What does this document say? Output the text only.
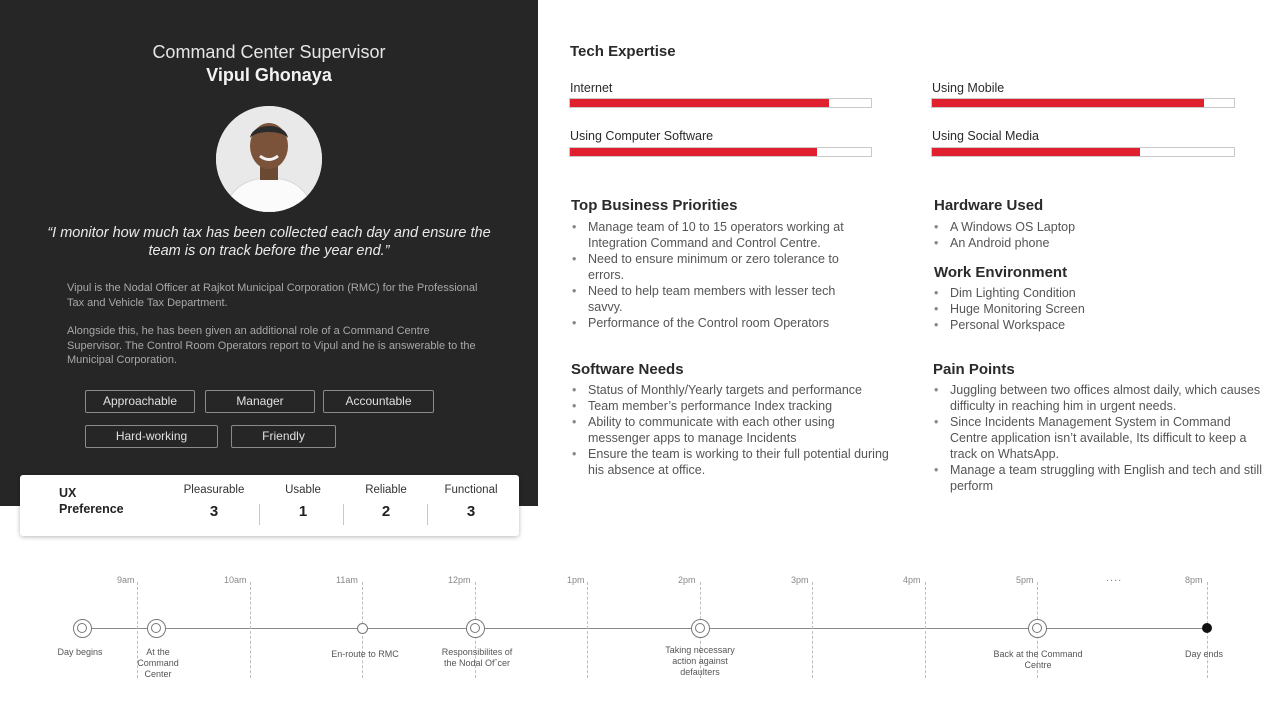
Command Center Supervisor
Vipul Ghonaya
“I monitor how much tax has been collected each day and ensure the team is on track before the year end.”
Vipul is the Nodal Officer at Rajkot Municipal Corporation (RMC) for the Professional Tax and Vehicle Tax Department.
Alongside this, he has been given an additional role of a Command Centre Supervisor. The Control Room Operators report to Vipul and he is answerable to the Municipal Corporation.
Approachable	Manager	Accountable
Hard-working	Friendly
UX Preference
Pleasurable
3
Usable
1
Reliable
2
Functional
3
Tech Expertise
Internet	Using Mobile
Using Computer Software	Using Social Media
Top Business Priorities
• Manage team of 10 to 15 operators working at Integration Command and Control Centre.
• Need to ensure minimum or zero tolerance to errors.
• Need to help team members with lesser tech savvy.
• Performance of the Control room Operators
Hardware Used
• A Windows OS Laptop
• An Android phone
Work Environment
• Dim Lighting Condition
• Huge Monitoring Screen
• Personal Workspace
Software Needs
• Status of Monthly/Yearly targets and performance
• Team member’s performance Index tracking
• Ability to communicate with each other using messenger apps to manage Incidents
• Ensure the team is working to their full potential during his absence at office.
Pain Points
• Juggling between two offices almost daily, which causes difficulty in reaching him in urgent needs.
• Since Incidents Management System in Command Centre application isn’t available, Its difficult to keep a track on WhatsApp.
• Manage a team struggling with English and tech and still perform
9am	10am	11am	12pm	1pm	2pm	3pm	4pm	5pm	....	8pm
Day begins	At the
Command
Center
En-route to RMC	Responsibilites of
the Nodal Ofˆcer
Taking necessary
action against
defaulters
Back at the Command
Centre
Day ends
